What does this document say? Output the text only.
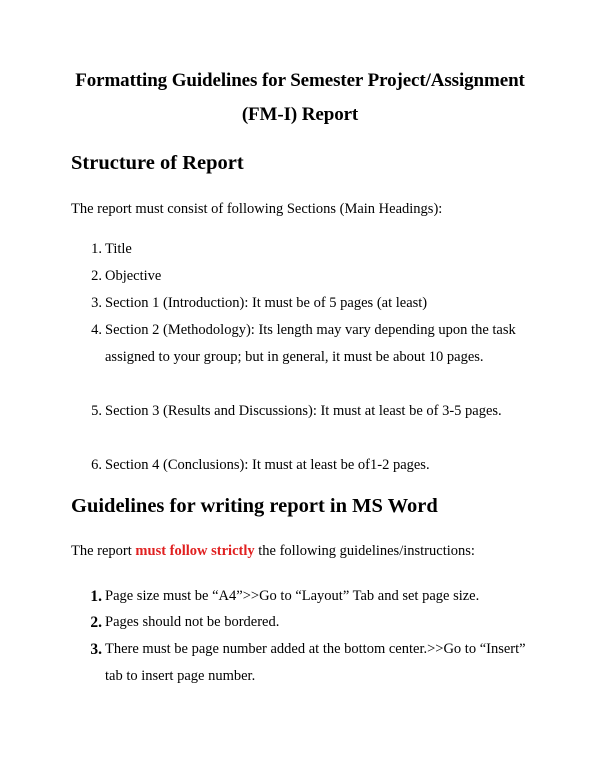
Formatting Guidelines for Semester Project/Assignment
(FM-I) Report
Structure of Report
The report must consist of following Sections (Main Headings):
1. Title
2. Objective
3. Section 1 (Introduction): It must be of 5 pages (at least)
4. Section 2 (Methodology): Its length may vary depending upon the task assigned to your group; but in general, it must be about 10 pages.
5. Section 3 (Results and Discussions): It must at least be of 3-5 pages.
6. Section 4 (Conclusions): It must at least be of1-2 pages.
Guidelines for writing report in MS Word
The report must follow strictly the following guidelines/instructions:
1. Page size must be “A4”>>Go to “Layout” Tab and set page size.
2. Pages should not be bordered.
3. There must be page number added at the bottom center.>>Go to “Insert” tab to insert page number.
